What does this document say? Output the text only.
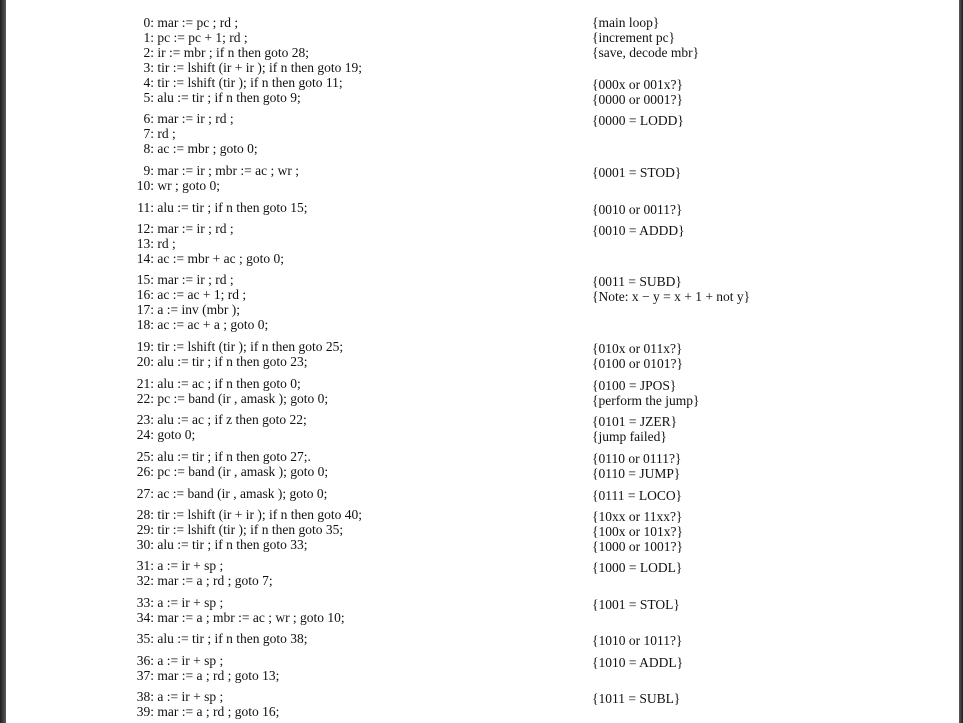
0: mar := pc ; rd ;
1: pc := pc + 1; rd ;
2: ir := mbr ; if n then goto 28;
3: tir := lshift (ir + ir ); if n then goto 19;
4: tir := lshift (tir ); if n then goto 11;
5: alu := tir ; if n then goto 9;
6: mar := ir ; rd ;
7: rd ;
8: ac := mbr ; goto 0;
9: mar := ir ; mbr := ac ; wr ;
10: wr ; goto 0;
11: alu := tir ; if n then goto 15;
12: mar := ir ; rd ;
13: rd ;
14: ac := mbr + ac ; goto 0;
15: mar := ir ; rd ;
16: ac := ac + 1; rd ;
17: a := inv (mbr );
18: ac := ac + a ; goto 0;
19: tir := lshift (tir ); if n then goto 25;
20: alu := tir ; if n then goto 23;
21: alu := ac ; if n then goto 0;
22: pc := band (ir , amask ); goto 0;
23: alu := ac ; if z then goto 22;
24: goto 0;
25: alu := tir ; if n then goto 27;.
26: pc := band (ir , amask ); goto 0;
27: ac := band (ir , amask ); goto 0;
28: tir := lshift (ir + ir ); if n then goto 40;
29: tir := lshift (tir ); if n then goto 35;
30: alu := tir ; if n then goto 33;
31: a := ir + sp ;
32: mar := a ; rd ; goto 7;
33: a := ir + sp ;
34: mar := a ; mbr := ac ; wr ; goto 10;
35: alu := tir ; if n then goto 38;
36: a := ir + sp ;
37: mar := a ; rd ; goto 13;
38: a := ir + sp ;
39: mar := a ; rd ; goto 16;
{main loop}
{increment pc}
{save, decode mbr}
{000x or 001x?}
{0000 or 0001?}
{0000 = LODD}
{0001 = STOD}
{0010 or 0011?}
{0010 = ADDD}
{0011 = SUBD}
{Note: x − y = x + 1 + not y}
{010x or 011x?}
{0100 or 0101?}
{0100 = JPOS}
{perform the jump}
{0101 = JZER}
{jump failed}
{0110 or 0111?}
{0110 = JUMP}
{0111 = LOCO}
{10xx or 11xx?}
{100x or 101x?}
{1000 or 1001?}
{1000 = LODL}
{1001 = STOL}
{1010 or 1011?}
{1010 = ADDL}
{1011 = SUBL}
